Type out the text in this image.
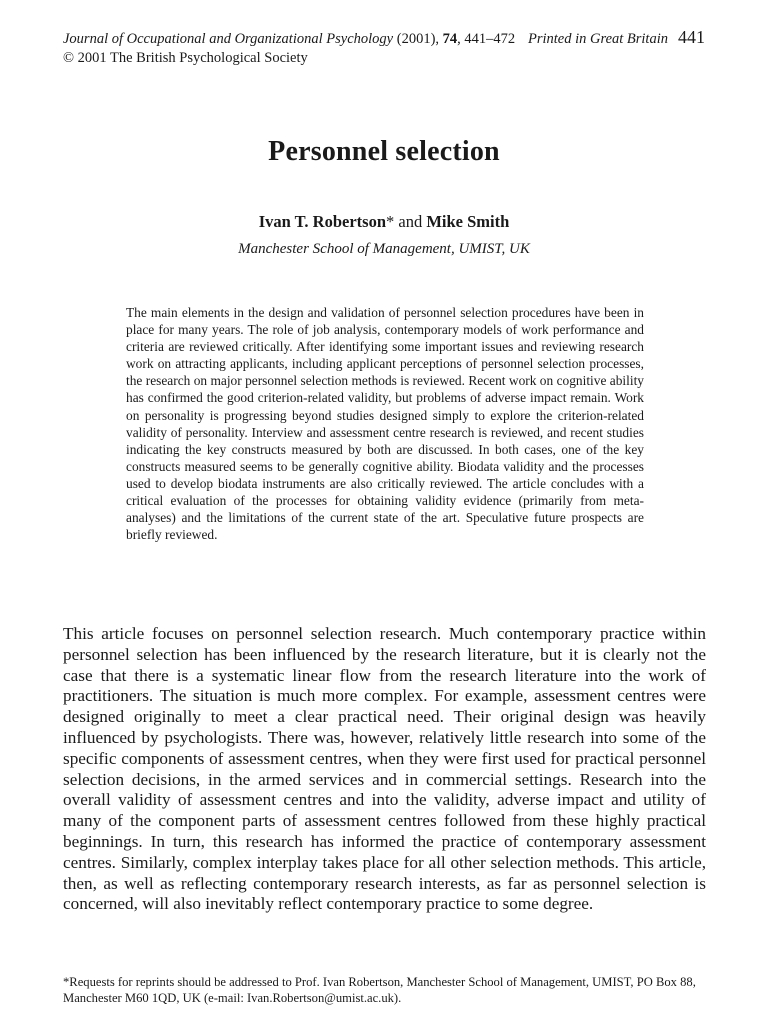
Journal of Occupational and Organizational Psychology (2001), 74, 441–472 Printed in Great Britain 441
© 2001 The British Psychological Society
Personnel selection
Ivan T. Robertson* and Mike Smith
Manchester School of Management, UMIST, UK

The main elements in the design and validation of personnel selection procedures have been in place for many years. The role of job analysis, contemporary models of work performance and criteria are reviewed critically. After identifying some important issues and reviewing research work on attracting applicants, including applicant perceptions of personnel selection processes, the research on major personnel selection methods is reviewed. Recent work on cognitive ability has confirmed the good criterion-related validity, but problems of adverse impact remain. Work on personality is progressing beyond studies designed simply to explore the criterion-related validity of personality. Interview and assessment centre research is reviewed, and recent studies indicating the key constructs measured by both are discussed. In both cases, one of the key constructs measured seems to be generally cognitive ability. Biodata validity and the processes used to develop biodata instruments are also critically reviewed. The article concludes with a critical evaluation of the processes for obtaining validity evidence (primarily from meta-analyses) and the limitations of the current state of the art. Speculative future prospects are briefly reviewed.

This article focuses on personnel selection research. Much contemporary practice within personnel selection has been influenced by the research literature, but it is clearly not the case that there is a systematic linear flow from the research literature into the work of practitioners. The situation is much more complex. For example, assessment centres were designed originally to meet a clear practical need. Their original design was heavily influenced by psychologists. There was, however, relatively little research into some of the specific components of assessment centres, when they were first used for practical personnel selection decisions, in the armed services and in commercial settings. Research into the overall validity of assessment centres and into the validity, adverse impact and utility of many of the component parts of assessment centres followed from these highly practical beginnings. In turn, this research has informed the practice of contemporary assessment centres. Similarly, complex interplay takes place for all other selection methods. This article, then, as well as reflecting contemporary research interests, as far as personnel selection is concerned, will also inevitably reflect contemporary practice to some degree.

*Requests for reprints should be addressed to Prof. Ivan Robertson, Manchester School of Management, UMIST, PO Box 88, Manchester M60 1QD, UK (e-mail: Ivan.Robertson@umist.ac.uk).
